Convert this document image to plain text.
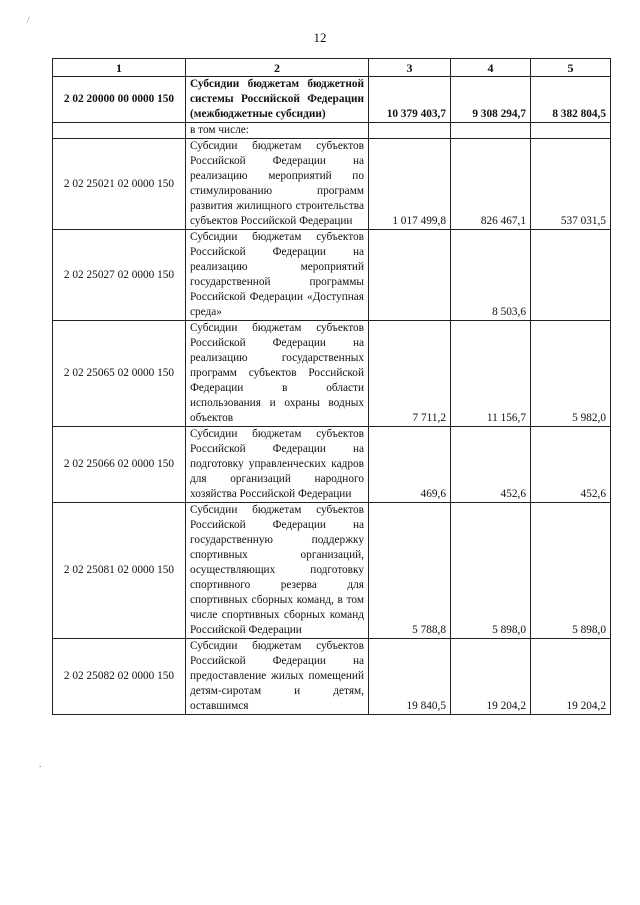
/
.
12
1	2	3	4	5
2 02 20000 00 0000 150	Субсидии бюджетам бюджетной системы Российской Федерации (межбюджетные субсидии)	10 379 403,7	9 308 294,7	8 382 804,5
	в том числе:			
2 02 25021 02 0000 150	Субсидии бюджетам субъектов Российской Федерации на реализацию мероприятий по стимулированию программ развития жилищного строительства субъектов Российской Федерации	1 017 499,8	826 467,1	537 031,5
2 02 25027 02 0000 150	Субсидии бюджетам субъектов Российской Федерации на реализацию мероприятий государственной программы Российской Федерации «Доступная среда»		8 503,6	
2 02 25065 02 0000 150	Субсидии бюджетам субъектов Российской Федерации на реализацию государственных программ субъектов Российской Федерации в области использования и охраны водных объектов	7 711,2	11 156,7	5 982,0
2 02 25066 02 0000 150	Субсидии бюджетам субъектов Российской Федерации на подготовку управленческих кадров для организаций народного хозяйства Российской Федерации	469,6	452,6	452,6
2 02 25081 02 0000 150	Субсидии бюджетам субъектов Российской Федерации на государственную поддержку спортивных организаций, осуществляющих подготовку спортивного резерва для спортивных сборных команд, в том числе спортивных сборных команд Российской Федерации	5 788,8	5 898,0	5 898,0
2 02 25082 02 0000 150	Субсидии бюджетам субъектов Российской Федерации на предоставление жилых помещений детям-сиротам и детям, оставшимся	19 840,5	19 204,2	19 204,2
